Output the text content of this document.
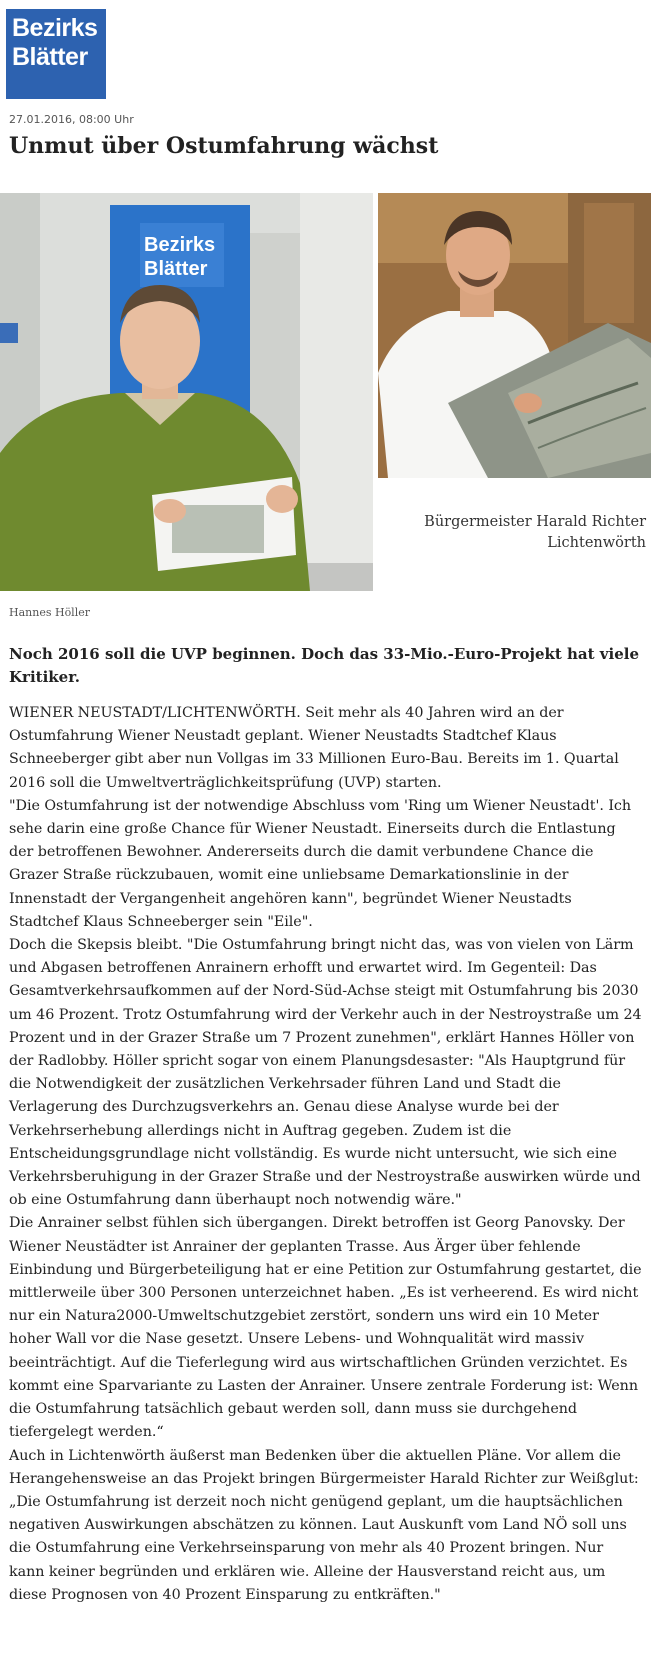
Bezirks
Blätter
27.01.2016, 08:00 Uhr
Unmut über Ostumfahrung wächst
Bezirks
Blätter
Bürgermeister Harald Richter
Lichtenwörth
Hannes Höller

Noch 2016 soll die UVP beginnen. Doch das 33-Mio.-Euro-Projekt hat viele Kritiker.

WIENER NEUSTADT/LICHTENWÖRTH. Seit mehr als 40 Jahren wird an der Ostumfahrung Wiener Neustadt geplant. Wiener Neustadts Stadtchef Klaus Schneeberger gibt aber nun Vollgas im 33 Millionen Euro-Bau. Bereits im 1. Quartal 2016 soll die Umweltverträglichkeitsprüfung (UVP) starten.

"Die Ostumfahrung ist der notwendige Abschluss vom 'Ring um Wiener Neustadt'. Ich sehe darin eine große Chance für Wiener Neustadt. Einerseits durch die Entlastung der betroffenen Bewohner. Andererseits durch die damit verbundene Chance die Grazer Straße rückzubauen, womit eine unliebsame Demarkationslinie in der Innenstadt der Vergangenheit angehören kann", begründet Wiener Neustadts Stadtchef Klaus Schneeberger sein "Eile".

Doch die Skepsis bleibt. "Die Ostumfahrung bringt nicht das, was von vielen von Lärm und Abgasen betroffenen Anrainern erhofft und erwartet wird. Im Gegenteil: Das Gesamtverkehrsaufkommen auf der Nord-Süd-Achse steigt mit Ostumfahrung bis 2030 um 46 Prozent. Trotz Ostumfahrung wird der Verkehr auch in der Nestroystraße um 24 Prozent und in der Grazer Straße um 7 Prozent zunehmen", erklärt Hannes Höller von der Radlobby. Höller spricht sogar von einem Planungsdesaster: "Als Hauptgrund für die Notwendigkeit der zusätzlichen Verkehrsader führen Land und Stadt die Verlagerung des Durchzugsverkehrs an. Genau diese Analyse wurde bei der Verkehrserhebung allerdings nicht in Auftrag gegeben. Zudem ist die Entscheidungsgrundlage nicht vollständig. Es wurde nicht untersucht, wie sich eine Verkehrsberuhigung in der Grazer Straße und der Nestroystraße auswirken würde und ob eine Ostumfahrung dann überhaupt noch notwendig wäre."

Die Anrainer selbst fühlen sich übergangen. Direkt betroffen ist Georg Panovsky. Der Wiener Neustädter ist Anrainer der geplanten Trasse. Aus Ärger über fehlende Einbindung und Bürgerbeteiligung hat er eine Petition zur Ostumfahrung gestartet, die mittlerweile über 300 Personen unterzeichnet haben. „Es ist verheerend. Es wird nicht nur ein Natura2000-Umweltschutzgebiet zerstört, sondern uns wird ein 10 Meter hoher Wall vor die Nase gesetzt. Unsere Lebens- und Wohnqualität wird massiv beeinträchtigt. Auf die Tieferlegung wird aus wirtschaftlichen Gründen verzichtet. Es kommt eine Sparvariante zu Lasten der Anrainer. Unsere zentrale Forderung ist: Wenn die Ostumfahrung tatsächlich gebaut werden soll, dann muss sie durchgehend tiefergelegt werden.“

Auch in Lichtenwörth äußerst man Bedenken über die aktuellen Pläne. Vor allem die Herangehensweise an das Projekt bringen Bürgermeister Harald Richter zur Weißglut: „Die Ostumfahrung ist derzeit noch nicht genügend geplant, um die hauptsächlichen negativen Auswirkungen abschätzen zu können. Laut Auskunft vom Land NÖ soll uns die Ostumfahrung eine Verkehrseinsparung von mehr als 40 Prozent bringen. Nur kann keiner begründen und erklären wie. Alleine der Hausverstand reicht aus, um diese Prognosen von 40 Prozent Einsparung zu entkräften."
